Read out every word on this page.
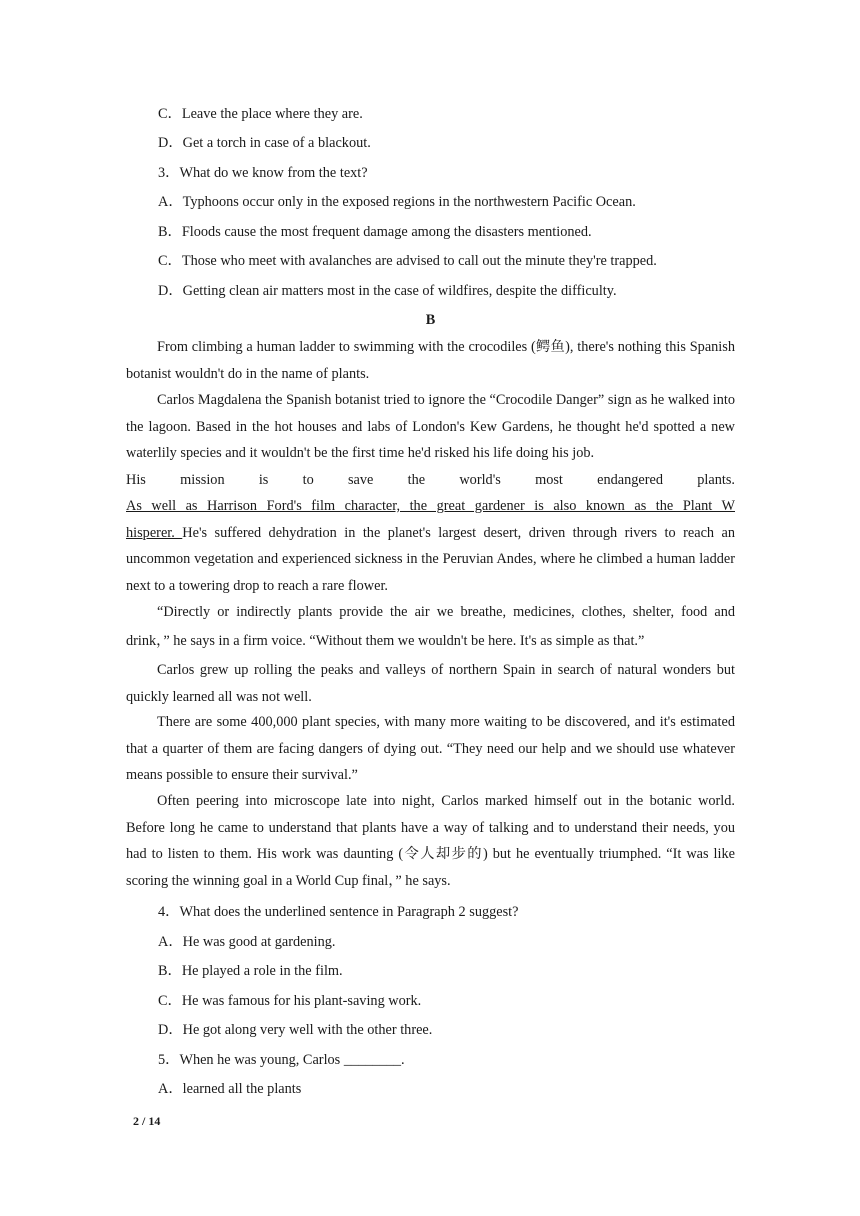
C．Leave the place where they are.
D．Get a torch in case of a blackout.
3．What do we know from the text?
A．Typhoons occur only in the exposed regions in the northwestern Pacific Ocean.
B．Floods cause the most frequent damage among the disasters mentioned.
C．Those who meet with avalanches are advised to call out the minute they're trapped.
D．Getting clean air matters most in the case of wildfires, despite the difficulty.
B
From climbing a human ladder to swimming with the crocodiles (鳄鱼), there's nothing this Spanish botanist wouldn't do in the name of plants.
Carlos Magdalena the Spanish botanist tried to ignore the “Crocodile Danger” sign as he walked into the lagoon. Based in the hot houses and labs of London's Kew Gardens, he thought he'd spotted a new waterlily species and it wouldn't be the first time he'd risked his life doing his job.
His mission is to save the world's most endangered plants.
As well as Harrison Ford's film character, the great gardener is also known as the Plant W
hisperer. He's suffered dehydration in the planet's largest desert, driven through rivers to reach an uncommon vegetation and experienced sickness in the Peruvian Andes, where he climbed a human ladder next to a towering drop to reach a rare flower.
“Directly or indirectly plants provide the air we breathe, medicines, clothes, shelter, food and drink，” he says in a firm voice. “Without them we wouldn't be here. It's as simple as that.”
Carlos grew up rolling the peaks and valleys of northern Spain in search of natural wonders but quickly learned all was not well.
There are some 400,000 plant species, with many more waiting to be discovered, and it's estimated that a quarter of them are facing dangers of dying out. “They need our help and we should use whatever means possible to ensure their survival.”
Often peering into microscope late into night, Carlos marked himself out in the botanic world. Before long he came to understand that plants have a way of talking and to understand their needs, you had to listen to them. His work was daunting (令人却步的) but he eventually triumphed. “It was like scoring the winning goal in a World Cup final，” he says.
4．What does the underlined sentence in Paragraph 2 suggest?
A．He was good at gardening.
B．He played a role in the film.
C．He was famous for his plant-saving work.
D．He got along very well with the other three.
5．When he was young, Carlos ________.
A．learned all the plants
2 / 14
